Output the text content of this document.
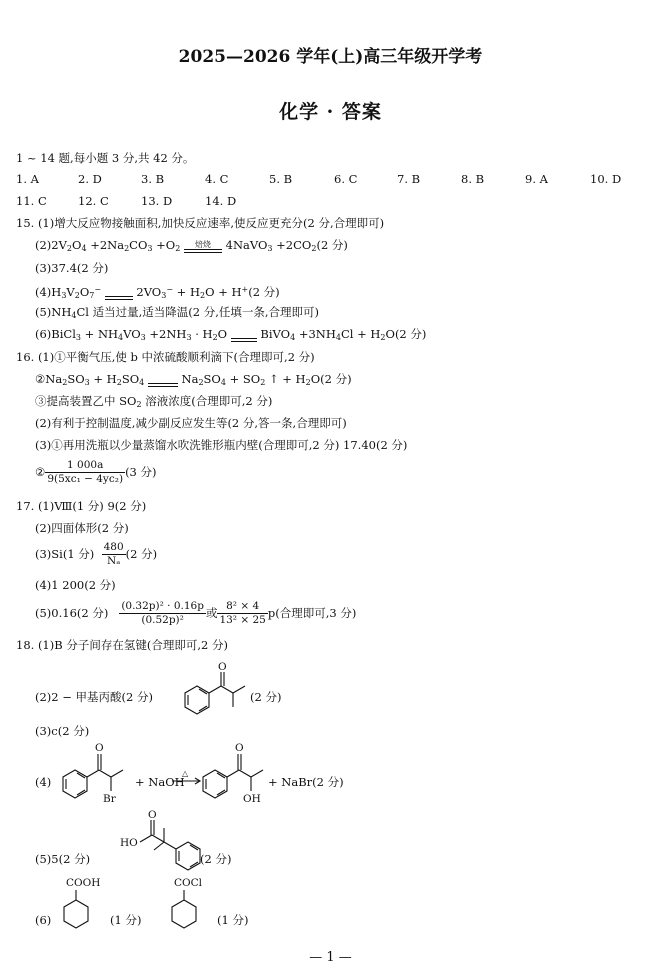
2025—2026 学年(上)高三年级开学考
化学 · 答案
1 ~ 14 题,每小题 3 分,共 42 分。
1. A	2. D	3. B	4. C	5. B	6. C	7. B	8. B	9. A	10. D
11. C	12. C	13. D	14. D
15. (1)增大反应物接触面积,加快反应速率,使反应更充分(2 分,合理即可)
$(2)2V_2O_4 +2Na_2CO_3 +O_2$	焙烧	4NaVO$_3$ $+2CO_2(2$ 分)
(3)37.4(2 分)
$(4)H_3V_2O_7^-$
	$2VO_3^- + H_2O + H^+(2$ 分)
$(5)NH_4Cl$ 适当过量,适当降温(2 分,任填一条,合理即可)
(6)BiCl$_3$ + $NH_4VO_3 +2NH_3 \cdot H_2O$
	BiVO$_4$ $+3NH_4Cl + H_2O(2$ 分)
16. (1)①平衡气压,使 b 中浓硫酸顺利滴下(合理即可,2 分)
$②Na_2SO_3 + H_2SO_4$
	$Na_2SO_4 + SO_2$ ↑ + $H_2O(2$ 分)
③提高装置乙中 $SO_2$ 溶液浓度(合理即可,2 分)
(2)有利于控制温度,减少副反应发生等(2 分,答一条,合理即可)
(3)①再用洗瓶以少量蒸馏水吹洗锥形瓶内壁(合理即可,2 分) 17.40(2 分)
② $\frac{1 000a}{\text{9(5xc₁ − 4yc₂)}} (3$ 分)
17. (1)Ⅷ(1 分) 9(2 分)
(2)四面体形(2 分)
(3)Si(1 分)
$\frac{480}{\text{Nₐ}} (2$ 分)
(4)1 200(2 分)
(5)0.16(2 分)
$\frac{\text{(0.32p)² · 0.16p}}{\text{(0.52p)²}}$ 或 $\frac{\text{8² × 4}}{\text{13² × 25}}$ p (合理即可,3 分)
18. (1)B 分子间存在氢键(合理即可,2 分)
(2)2 − 甲基丙酸(2 分)
O
(2 分)
(3)c(2 分)
(4)
O
Br
+ NaOH
△
O
OH
+ NaBr(2 分)
(5)5(2 分)
HO
O
(2 分)
(6)
COOH
(1 分)
COCl
(1 分)
— 1 —
